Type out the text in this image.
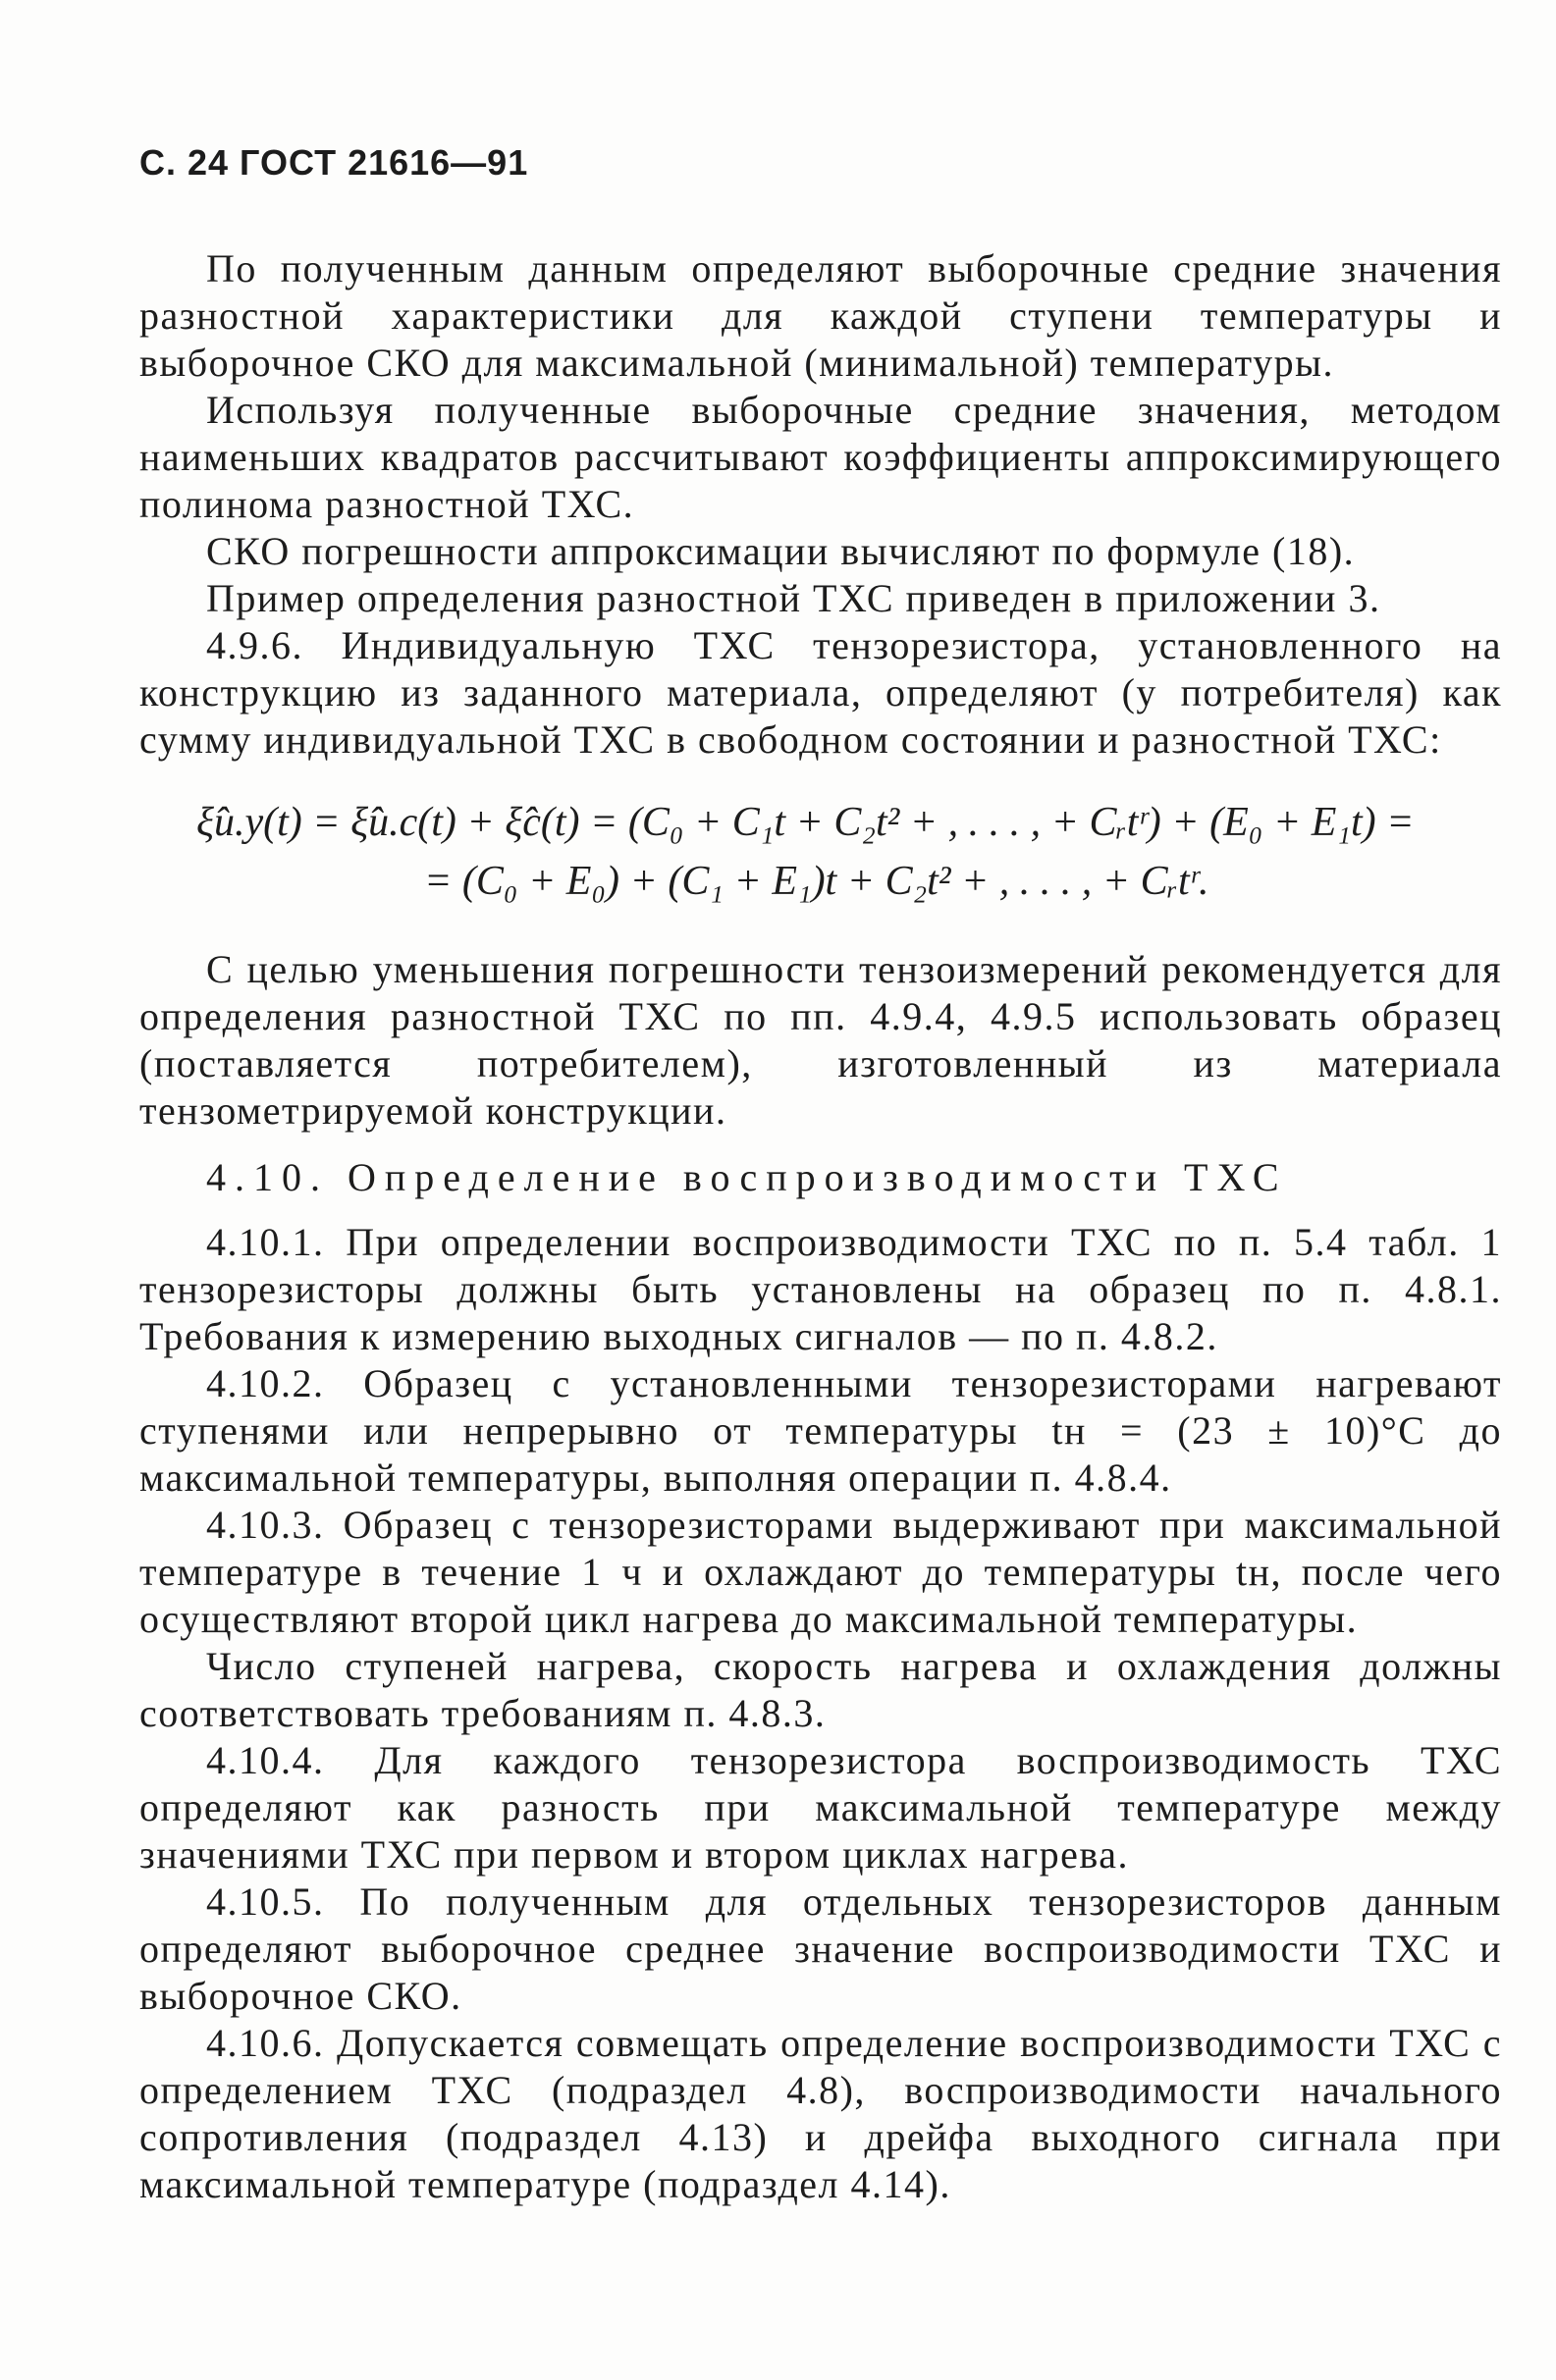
С. 24 ГОСТ 21616—91

По полученным данным определяют выборочные средние значения разностной характеристики для каждой ступени температуры и выборочное СКО для максимальной (минимальной) температуры.

Используя полученные выборочные средние значения, методом наименьших квадратов рассчитывают коэффициенты аппроксимирующего полинома разностной ТХС.

СКО погрешности аппроксимации вычисляют по формуле (18).

Пример определения разностной ТХС приведен в приложении 3.

4.9.6. Индивидуальную ТХС тензорезистора, установленного на конструкцию из заданного материала, определяют (у потребителя) как сумму индивидуальной ТХС в свободном состоянии и разностной ТХС:

ξ̂и.у(t) = ξ̂и.с(t) + ξ̂с(t) = (C₀ + C₁t + C₂t² + , . . . , + Cᵣtʳ) + (E₀ + E₁t) =
= (C₀ + E₀) + (C₁ + E₁)t + C₂t² + , . . . , + Cᵣtʳ.

С целью уменьшения погрешности тензоизмерений рекомендуется для определения разностной ТХС по пп. 4.9.4, 4.9.5 использовать образец (поставляется потребителем), изготовленный из материала тензометрируемой конструкции.

4.10. Определение воспроизводимости ТХС

4.10.1. При определении воспроизводимости ТХС по п. 5.4 табл. 1 тензорезисторы должны быть установлены на образец по п. 4.8.1. Требования к измерению выходных сигналов — по п. 4.8.2.

4.10.2. Образец с установленными тензорезисторами нагревают ступенями или непрерывно от температуры tн = (23 ± 10)°С до максимальной температуры, выполняя операции п. 4.8.4.

4.10.3. Образец с тензорезисторами выдерживают при максимальной температуре в течение 1 ч и охлаждают до температуры tн, после чего осуществляют второй цикл нагрева до максимальной температуры.

Число ступеней нагрева, скорость нагрева и охлаждения должны соответствовать требованиям п. 4.8.3.

4.10.4. Для каждого тензорезистора воспроизводимость ТХС определяют как разность при максимальной температуре между значениями ТХС при первом и втором циклах нагрева.

4.10.5. По полученным для отдельных тензорезисторов данным определяют выборочное среднее значение воспроизводимости ТХС и выборочное СКО.

4.10.6. Допускается совмещать определение воспроизводимости ТХС с определением ТХС (подраздел 4.8), воспроизводимости начального сопротивления (подраздел 4.13) и дрейфа выходного сигнала при максимальной температуре (подраздел 4.14).
